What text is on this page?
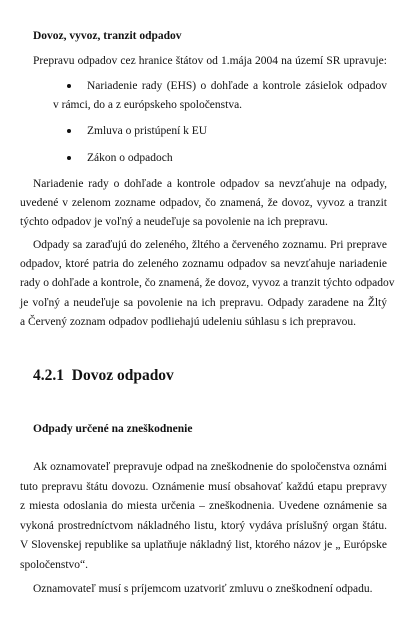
Dovoz, vyvoz, tranzit odpadov
Prepravu odpadov cez hranice štátov od 1.mája 2004 na území SR upravuje:
Nariadenie rady (EHS) o dohľade a kontrole zásielok odpadov
v rámci, do a z európskeho spoločenstva.
Zmluva o pristúpení k EU
Zákon o odpadoch
Nariadenie rady o dohľade a kontrole odpadov sa nevzťahuje na odpady,
uvedené v zelenom zozname odpadov, čo znamená, že dovoz, vyvoz a tranzit
týchto odpadov je voľný a neudeľuje sa povolenie na ich prepravu.
Odpady sa zaraďujú do zeleného, žltého a červeného zoznamu. Pri preprave
odpadov, ktoré patria do zeleného zoznamu odpadov sa nevzťahuje nariadenie
rady o dohľade a kontrole, čo znamená, že dovoz, vyvoz a tranzit týchto odpadov
je voľný a neudeľuje sa povolenie na ich prepravu. Odpady zaradene na Žltý
a Červený zoznam odpadov podliehajú udeleniu súhlasu s ich prepravou.
4.2.1 Dovoz odpadov
Odpady určené na zneškodnenie
Ak oznamovateľ prepravuje odpad na zneškodnenie do spoločenstva oznámi
tuto prepravu štátu dovozu. Oznámenie musí obsahovať každú etapu prepravy
z miesta odoslania do miesta určenia – zneškodnenia. Uvedene oznámenie sa
vykoná prostredníctvom nákladného listu, ktorý vydáva príslušný organ štátu.
V Slovenskej republike sa uplatňuje nákladný list, ktorého názov je „ Európske
spoločenstvo“.
Oznamovateľ musí s príjemcom uzatvoriť zmluvu o zneškodnení odpadu.
